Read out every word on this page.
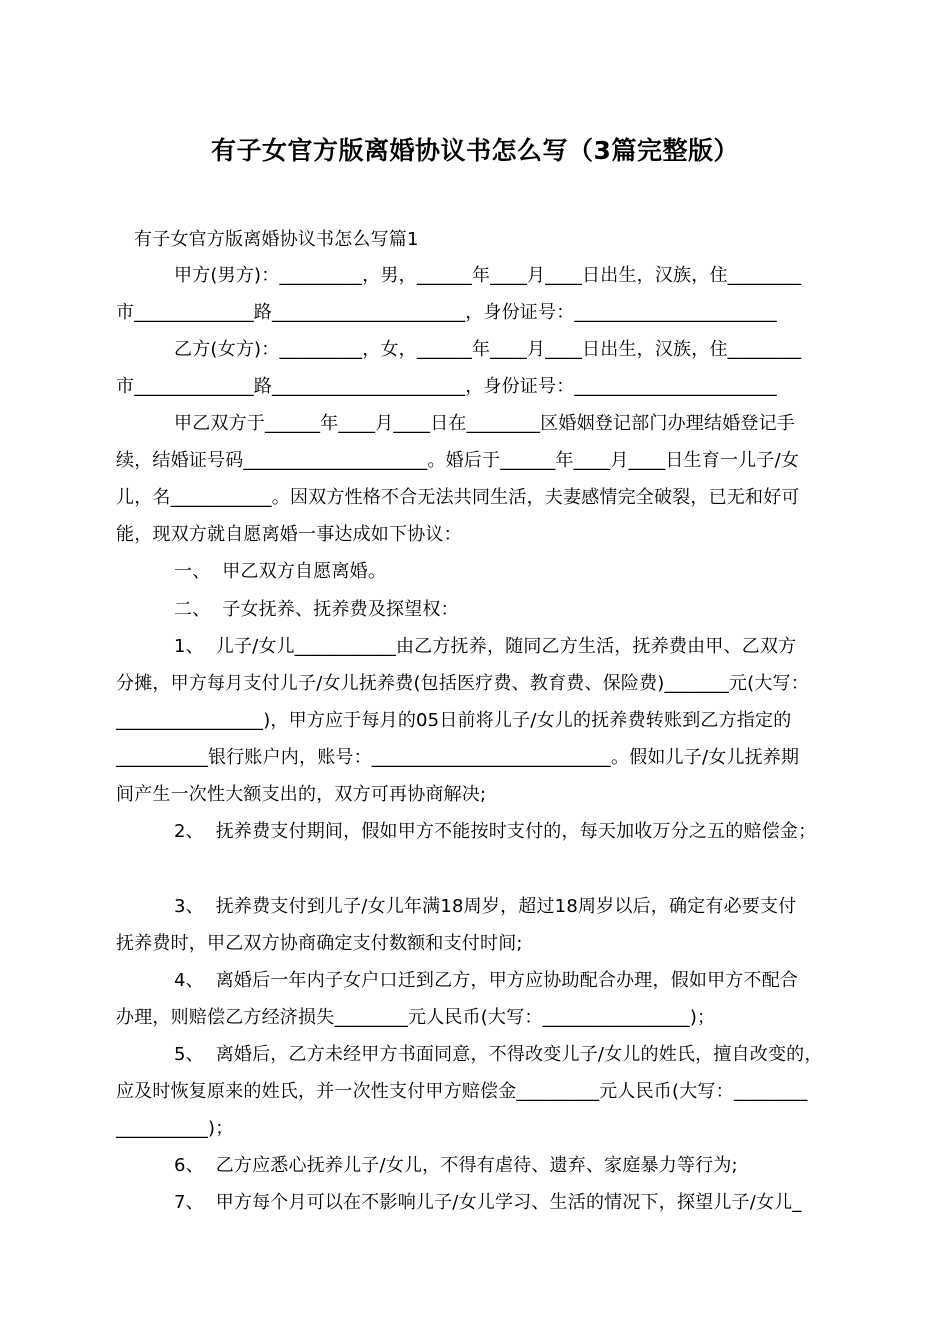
有子女官方版离婚协议书怎么写（3篇完整版）
有子女官方版离婚协议书怎么写篇1
甲方(男方)：_________，男，______年____月____日出生，汉族，住________
市_____________路_____________________，身份证号：______________________
乙方(女方)：_________，女，______年____月____日出生，汉族，住________
市_____________路_____________________，身份证号：______________________
甲乙双方于______年____月____日在________区婚姻登记部门办理结婚登记手
续，结婚证号码____________________。婚后于______年____月____日生育一儿子/女
儿，名___________。因双方性格不合无法共同生活，夫妻感情完全破裂，已无和好可
能，现双方就自愿离婚一事达成如下协议：
一、  甲乙双方自愿离婚。
二、  子女抚养、抚养费及探望权：
1、  儿子/女儿___________由乙方抚养，随同乙方生活，抚养费由甲、乙双方
分摊，甲方每月支付儿子/女儿抚养费(包括医疗费、教育费、保险费)_______元(大写：
________________)，甲方应于每月的05日前将儿子/女儿的抚养费转账到乙方指定的
__________银行账户内，账号：__________________________。假如儿子/女儿抚养期
间产生一次性大额支出的，双方可再协商解决;
2、  抚养费支付期间，假如甲方不能按时支付的，每天加收万分之五的赔偿金；
3、  抚养费支付到儿子/女儿年满18周岁，超过18周岁以后，确定有必要支付
抚养费时，甲乙双方协商确定支付数额和支付时间;
4、  离婚后一年内子女户口迁到乙方，甲方应协助配合办理，假如甲方不配合
办理，则赔偿乙方经济损失________元人民币(大写：________________)；
5、  离婚后，乙方未经甲方书面同意，不得改变儿子/女儿的姓氏，擅自改变的，
应及时恢复原来的姓氏，并一次性支付甲方赔偿金_________元人民币(大写：________
__________)；
6、  乙方应悉心抚养儿子/女儿，不得有虐待、遗弃、家庭暴力等行为;
7、  甲方每个月可以在不影响儿子/女儿学习、生活的情况下，探望儿子/女儿_
